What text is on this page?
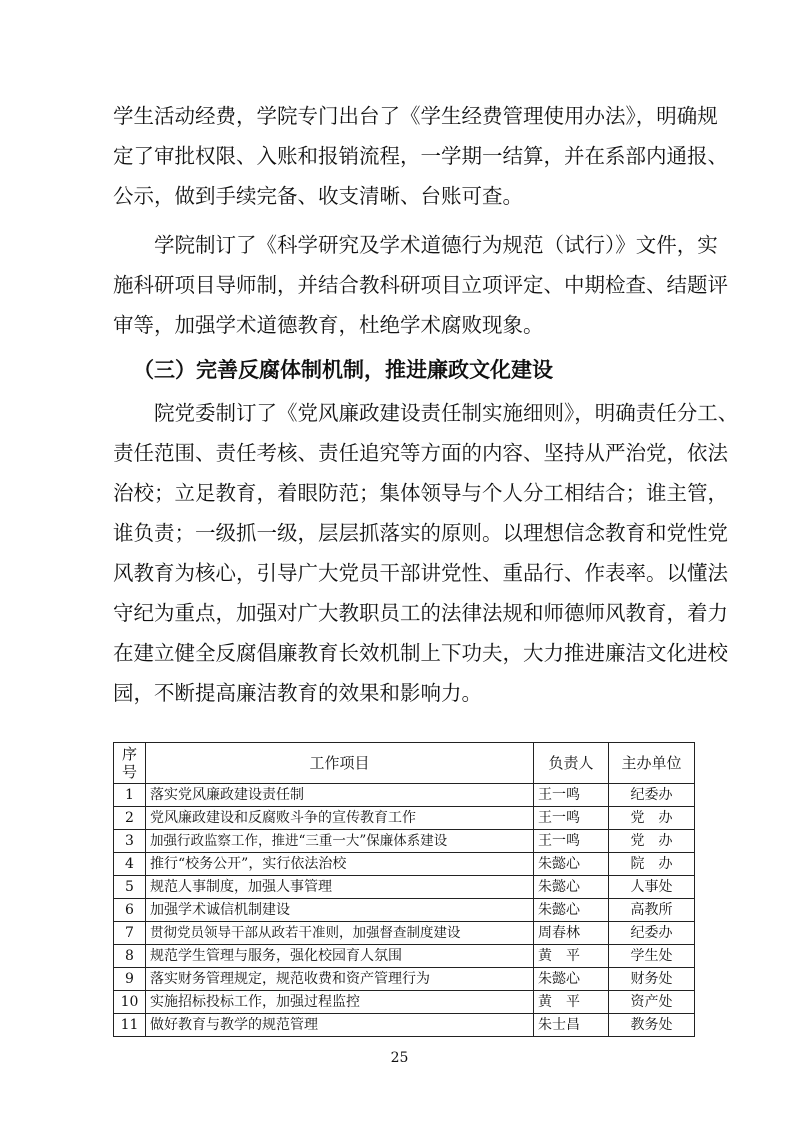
学生活动经费，学院专门出台了《学生经费管理使用办法》，明确规
定了审批权限、入账和报销流程，一学期一结算，并在系部内通报、
公示，做到手续完备、收支清晰、台账可查。
　　学院制订了《科学研究及学术道德行为规范（试行）》文件，实
施科研项目导师制，并结合教科研项目立项评定、中期检查、结题评
审等，加强学术道德教育，杜绝学术腐败现象。
（三）完善反腐体制机制，推进廉政文化建设
　　院党委制订了《党风廉政建设责任制实施细则》，明确责任分工、
责任范围、责任考核、责任追究等方面的内容、坚持从严治党，依法
治校；立足教育，着眼防范；集体领导与个人分工相结合；谁主管，
谁负责；一级抓一级，层层抓落实的原则。以理想信念教育和党性党
风教育为核心，引导广大党员干部讲党性、重品行、作表率。以懂法
守纪为重点，加强对广大教职员工的法律法规和师德师风教育，着力
在建立健全反腐倡廉教育长效机制上下功夫，大力推进廉洁文化进校
园，不断提高廉洁教育的效果和影响力。
序号	工作项目	负责人	主办单位
1	落实党风廉政建设责任制	王一鸣	纪委办
2	党风廉政建设和反腐败斗争的宣传教育工作	王一鸣	党　办
3	加强行政监察工作，推进“三重一大”保廉体系建设	王一鸣	党　办
4	推行“校务公开”，实行依法治校	朱懿心	院　办
5	规范人事制度，加强人事管理	朱懿心	人事处
6	加强学术诚信机制建设	朱懿心	高教所
7	贯彻党员领导干部从政若干准则，加强督查制度建设	周春林	纪委办
8	规范学生管理与服务，强化校园育人氛围	黄　平	学生处
9	落实财务管理规定，规范收费和资产管理行为	朱懿心	财务处
10	实施招标投标工作，加强过程监控	黄　平	资产处
11	做好教育与教学的规范管理	朱士昌	教务处
25
